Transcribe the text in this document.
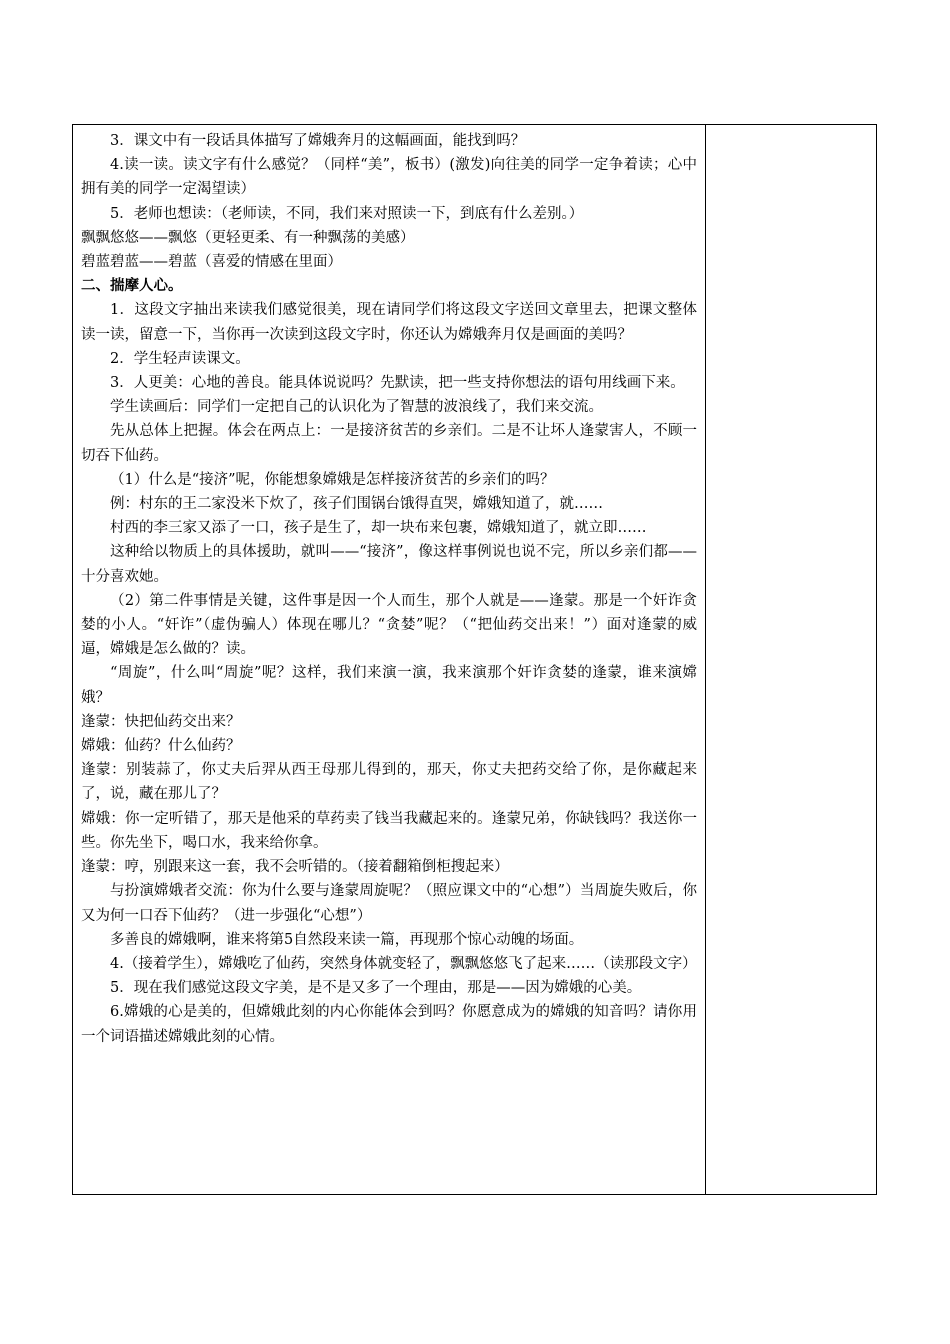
3．课文中有一段话具体描写了嫦娥奔月的这幅画面，能找到吗？

4.读一读。读文字有什么感觉？（同样“美”，板书）(激发)向往美的同学一定争着读；心中拥有美的同学一定渴望读）

5．老师也想读：（老师读，不同，我们来对照读一下，到底有什么差别。）

飘飘悠悠——飘悠（更轻更柔、有一种飘荡的美感）

碧蓝碧蓝——碧蓝（喜爱的情感在里面）

二、揣摩人心。

1．这段文字抽出来读我们感觉很美，现在请同学们将这段文字送回文章里去，把课文整体读一读，留意一下，当你再一次读到这段文字时，你还认为嫦娥奔月仅是画面的美吗？

2．学生轻声读课文。

3．人更美：心地的善良。能具体说说吗？先默读，把一些支持你想法的语句用线画下来。

学生读画后：同学们一定把自己的认识化为了智慧的波浪线了，我们来交流。

先从总体上把握。体会在两点上：一是接济贫苦的乡亲们。二是不让坏人逢蒙害人，不顾一切吞下仙药。

（1）什么是“接济”呢，你能想象嫦娥是怎样接济贫苦的乡亲们的吗？

例：村东的王二家没米下炊了，孩子们围锅台饿得直哭，嫦娥知道了，就……

村西的李三家又添了一口，孩子是生了，却一块布来包裹，嫦娥知道了，就立即……

这种给以物质上的具体援助，就叫——“接济”，像这样事例说也说不完，所以乡亲们都——十分喜欢她。

（2）第二件事情是关键，这件事是因一个人而生，那个人就是——逢蒙。那是一个奸诈贪婪的小人。“奸诈”（虚伪骗人）体现在哪儿？“贪婪”呢？（“把仙药交出来！”）面对逢蒙的威逼，嫦娥是怎么做的？读。

“周旋”，什么叫“周旋”呢？这样，我们来演一演，我来演那个奸诈贪婪的逢蒙，谁来演嫦娥？

逢蒙：快把仙药交出来？

嫦娥：仙药？什么仙药？

逢蒙：别装蒜了，你丈夫后羿从西王母那儿得到的，那天，你丈夫把药交给了你，是你藏起来了，说，藏在那儿了？

嫦娥：你一定听错了，那天是他采的草药卖了钱当我藏起来的。逢蒙兄弟，你缺钱吗？我送你一些。你先坐下，喝口水，我来给你拿。

逢蒙：哼，别跟来这一套，我不会听错的。（接着翻箱倒柜搜起来）

与扮演嫦娥者交流：你为什么要与逢蒙周旋呢？（照应课文中的“心想”）当周旋失败后，你又为何一口吞下仙药？（进一步强化“心想”）

多善良的嫦娥啊，谁来将第5自然段来读一篇，再现那个惊心动魄的场面。

4.（接着学生），嫦娥吃了仙药，突然身体就变轻了，飘飘悠悠飞了起来……（读那段文字）

5．现在我们感觉这段文字美，是不是又多了一个理由，那是——因为嫦娥的心美。

6.嫦娥的心是美的，但嫦娥此刻的内心你能体会到吗？你愿意成为的嫦娥的知音吗？请你用一个词语描述嫦娥此刻的心情。
